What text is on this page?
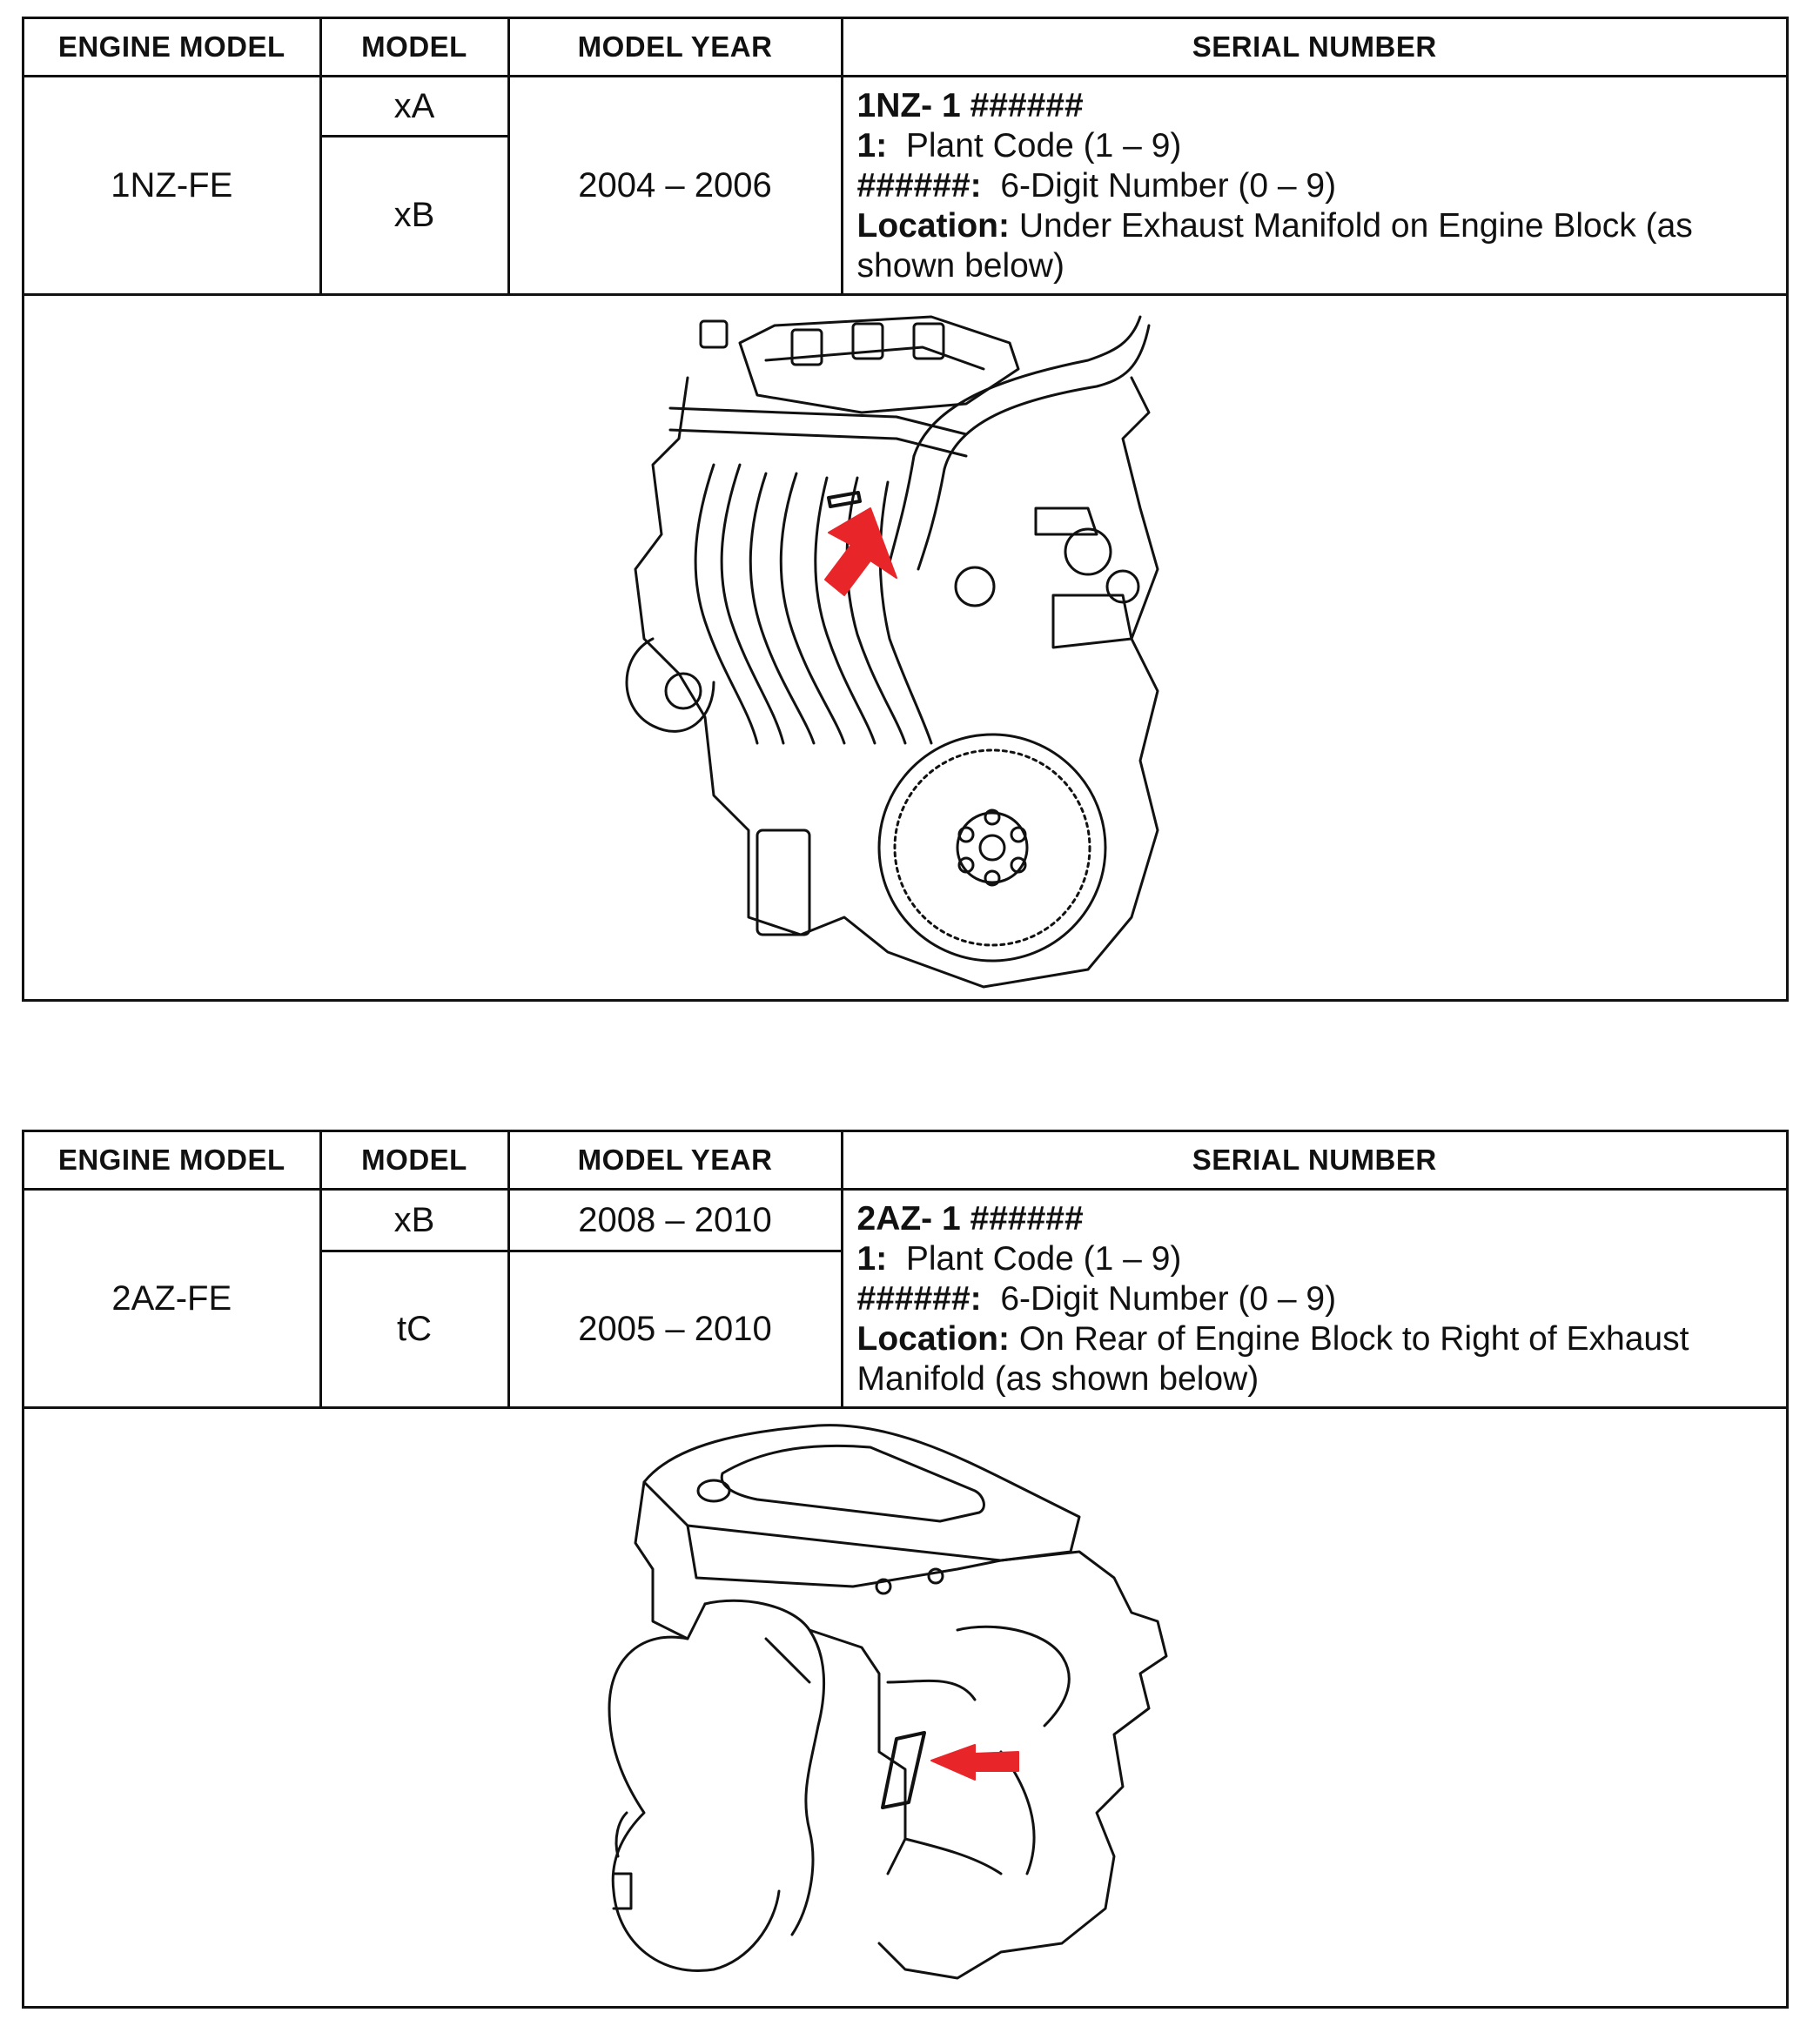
ENGINE MODEL	MODEL	MODEL YEAR	SERIAL NUMBER
1NZ-FE	xA	2004 – 2006	1NZ- 1 ######
1: Plant Code (1 – 9)
######: 6-Digit Number (0 – 9)
Location: Under Exhaust Manifold on Engine Block (as shown below)

	xB		
ENGINE MODEL	MODEL	MODEL YEAR	SERIAL NUMBER
2AZ-FE	xB	2008 – 2010	2AZ- 1 ######
1: Plant Code (1 – 9)
######: 6-Digit Number (0 – 9)
Location: On Rear of Engine Block to Right of Exhaust Manifold (as shown below)

	tC	2005 – 2010	
